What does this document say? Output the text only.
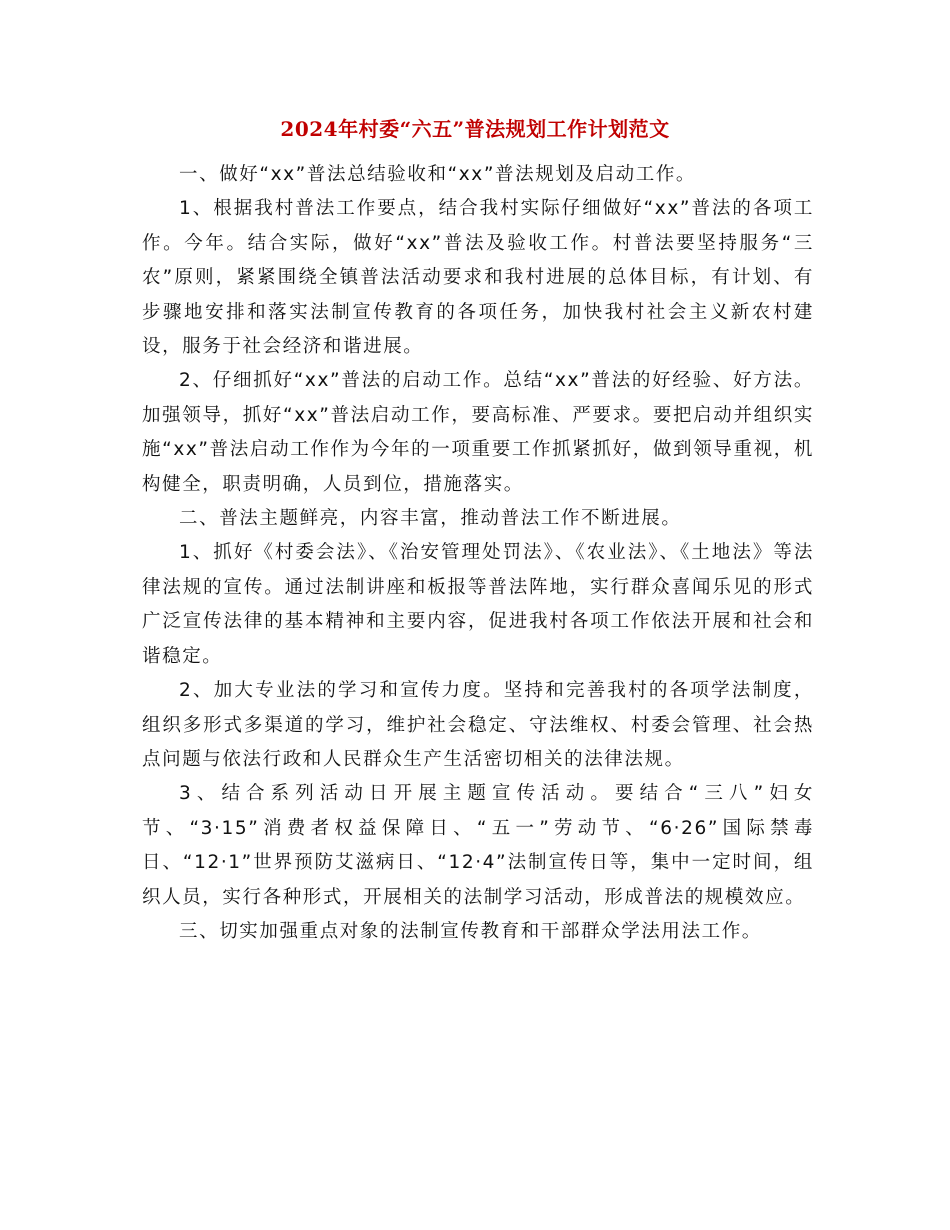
2024年村委“六五”普法规划工作计划范文

一、做好“xx”普法总结验收和“xx”普法规划及启动工作。

1、根据我村普法工作要点，结合我村实际仔细做好“xx”普法的各项工作。今年。结合实际，做好“xx”普法及验收工作。村普法要坚持服务“三农”原则，紧紧围绕全镇普法活动要求和我村进展的总体目标，有计划、有步骤地安排和落实法制宣传教育的各项任务，加快我村社会主义新农村建设，服务于社会经济和谐进展。

2、仔细抓好“xx”普法的启动工作。总结“xx”普法的好经验、好方法。加强领导，抓好“xx”普法启动工作，要高标准、严要求。要把启动并组织实施“xx”普法启动工作作为今年的一项重要工作抓紧抓好，做到领导重视，机构健全，职责明确，人员到位，措施落实。

二、普法主题鲜亮，内容丰富，推动普法工作不断进展。

1、抓好《村委会法》、《治安管理处罚法》、《农业法》、《土地法》等法律法规的宣传。通过法制讲座和板报等普法阵地，实行群众喜闻乐见的形式广泛宣传法律的基本精神和主要内容，促进我村各项工作依法开展和社会和谐稳定。

2、加大专业法的学习和宣传力度。坚持和完善我村的各项学法制度，组织多形式多渠道的学习，维护社会稳定、守法维权、村委会管理、社会热点问题与依法行政和人民群众生产生活密切相关的法律法规。

3、结合系列活动日开展主题宣传活动。要结合“三八”妇女节、“3·15”消费者权益保障日、“五一”劳动节、“6·26”国际禁毒日、“12·1”世界预防艾滋病日、“12·4”法制宣传日等，集中一定时间，组织人员，实行各种形式，开展相关的法制学习活动，形成普法的规模效应。

三、切实加强重点对象的法制宣传教育和干部群众学法用法工作。
